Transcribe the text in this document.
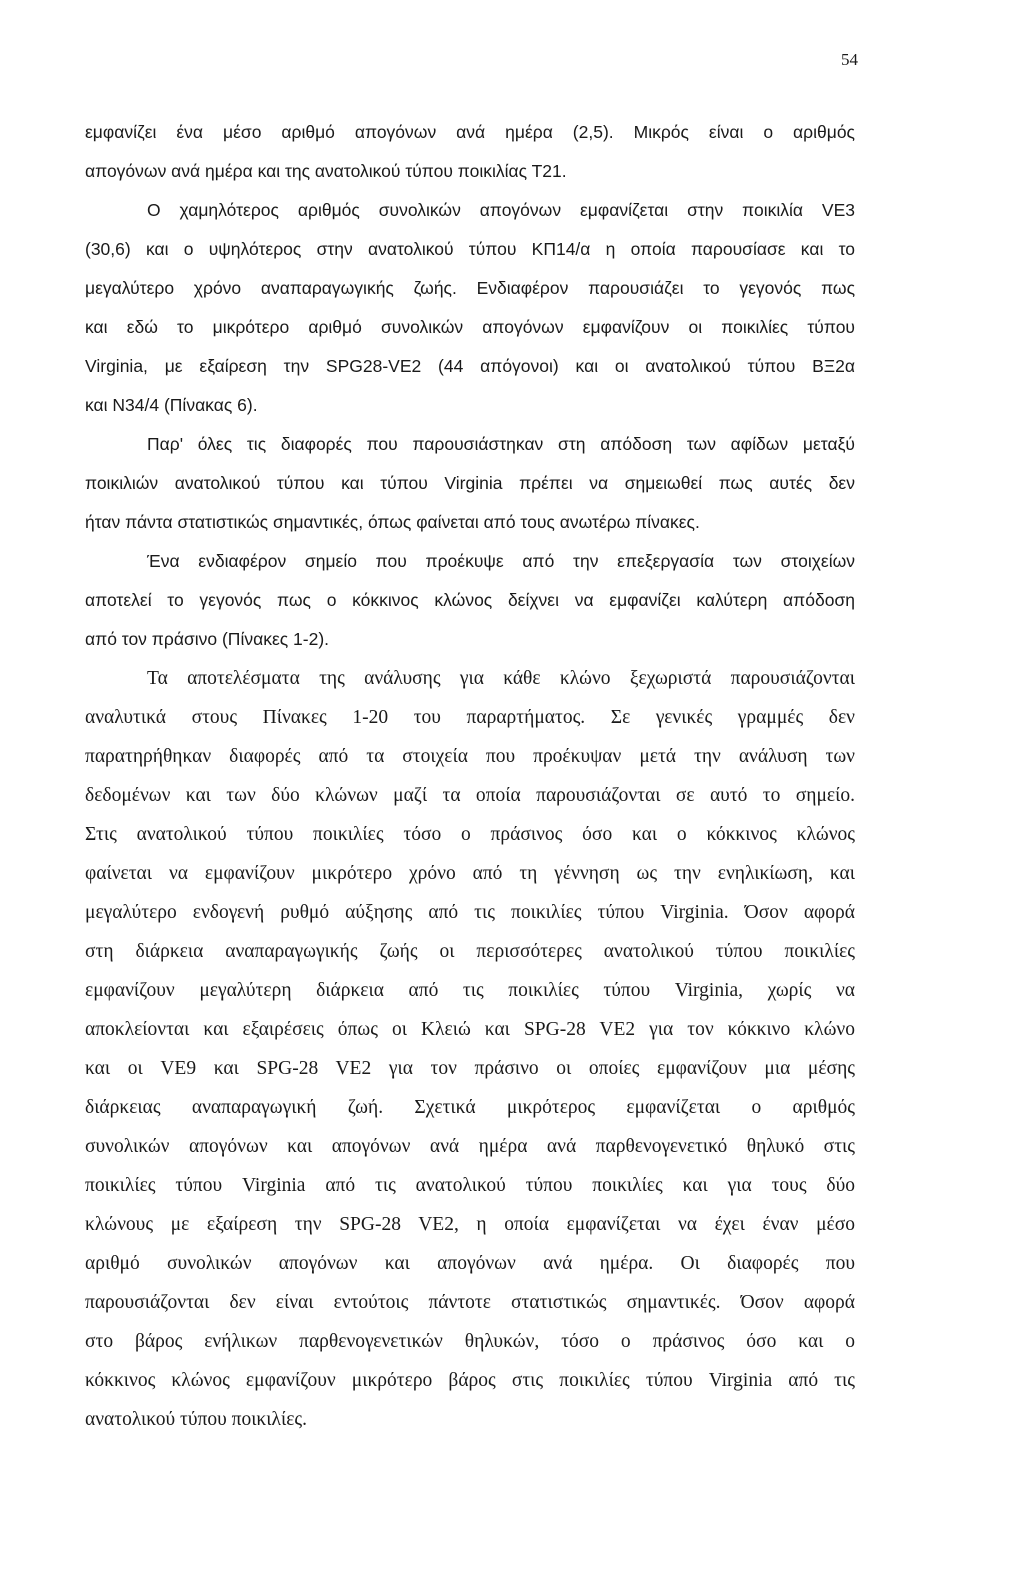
54
εμφανίζει ένα μέσο αριθμό απογόνων ανά ημέρα (2,5). Μικρός είναι ο αριθμός
απογόνων ανά ημέρα και της ανατολικού τύπου ποικιλίας Τ21.
Ο χαμηλότερος αριθμός συνολικών απογόνων εμφανίζεται στην ποικιλία VE3
(30,6) και ο υψηλότερος στην ανατολικού τύπου ΚΠ14/α η οποία παρουσίασε και το
μεγαλύτερο χρόνο αναπαραγωγικής ζωής. Ενδιαφέρον παρουσιάζει το γεγονός πως
και εδώ το μικρότερο αριθμό συνολικών απογόνων εμφανίζουν οι ποικιλίες τύπου
Virginia, με εξαίρεση την SPG28-VE2 (44 απόγονοι) και οι ανατολικού τύπου ΒΞ2α
και N34/4 (Πίνακας 6).
Παρ' όλες τις διαφορές που παρουσιάστηκαν στη απόδοση των αφίδων μεταξύ
ποικιλιών ανατολικού τύπου και τύπου Virginia πρέπει να σημειωθεί πως αυτές δεν
ήταν πάντα στατιστικώς σημαντικές, όπως φαίνεται από τους ανωτέρω πίνακες.
Ένα ενδιαφέρον σημείο που προέκυψε από την επεξεργασία των στοιχείων
αποτελεί το γεγονός πως ο κόκκινος κλώνος δείχνει να εμφανίζει καλύτερη απόδοση
από τον πράσινο (Πίνακες 1-2).
Τα αποτελέσματα της ανάλυσης για κάθε κλώνο ξεχωριστά παρουσιάζονται
αναλυτικά στους Πίνακες 1-20 του παραρτήματος. Σε γενικές γραμμές δεν
παρατηρήθηκαν διαφορές από τα στοιχεία που προέκυψαν μετά την ανάλυση των
δεδομένων και των δύο κλώνων μαζί τα οποία παρουσιάζονται σε αυτό το σημείο.
Στις ανατολικού τύπου ποικιλίες τόσο ο πράσινος όσο και ο κόκκινος κλώνος
φαίνεται να εμφανίζουν μικρότερο χρόνο από τη γέννηση ως την ενηλικίωση, και
μεγαλύτερο ενδογενή ρυθμό αύξησης από τις ποικιλίες τύπου Virginia. Όσον αφορά
στη διάρκεια αναπαραγωγικής ζωής οι περισσότερες ανατολικού τύπου ποικιλίες
εμφανίζουν μεγαλύτερη διάρκεια από τις ποικιλίες τύπου Virginia, χωρίς να
αποκλείονται και εξαιρέσεις όπως οι Κλειώ και SPG-28 VE2 για τον κόκκινο κλώνο
και οι VE9 και SPG-28 VE2 για τον πράσινο οι οποίες εμφανίζουν μια μέσης
διάρκειας αναπαραγωγική ζωή. Σχετικά μικρότερος εμφανίζεται ο αριθμός
συνολικών απογόνων και απογόνων ανά ημέρα ανά παρθενογενετικό θηλυκό στις
ποικιλίες τύπου Virginia από τις ανατολικού τύπου ποικιλίες και για τους δύο
κλώνους με εξαίρεση την SPG-28 VE2, η οποία εμφανίζεται να έχει έναν μέσο
αριθμό συνολικών απογόνων και απογόνων ανά ημέρα. Οι διαφορές που
παρουσιάζονται δεν είναι εντούτοις πάντοτε στατιστικώς σημαντικές. Όσον αφορά
στο βάρος ενήλικων παρθενογενετικών θηλυκών, τόσο ο πράσινος όσο και ο
κόκκινος κλώνος εμφανίζουν μικρότερο βάρος στις ποικιλίες τύπου Virginia από τις
ανατολικού τύπου ποικιλίες.
